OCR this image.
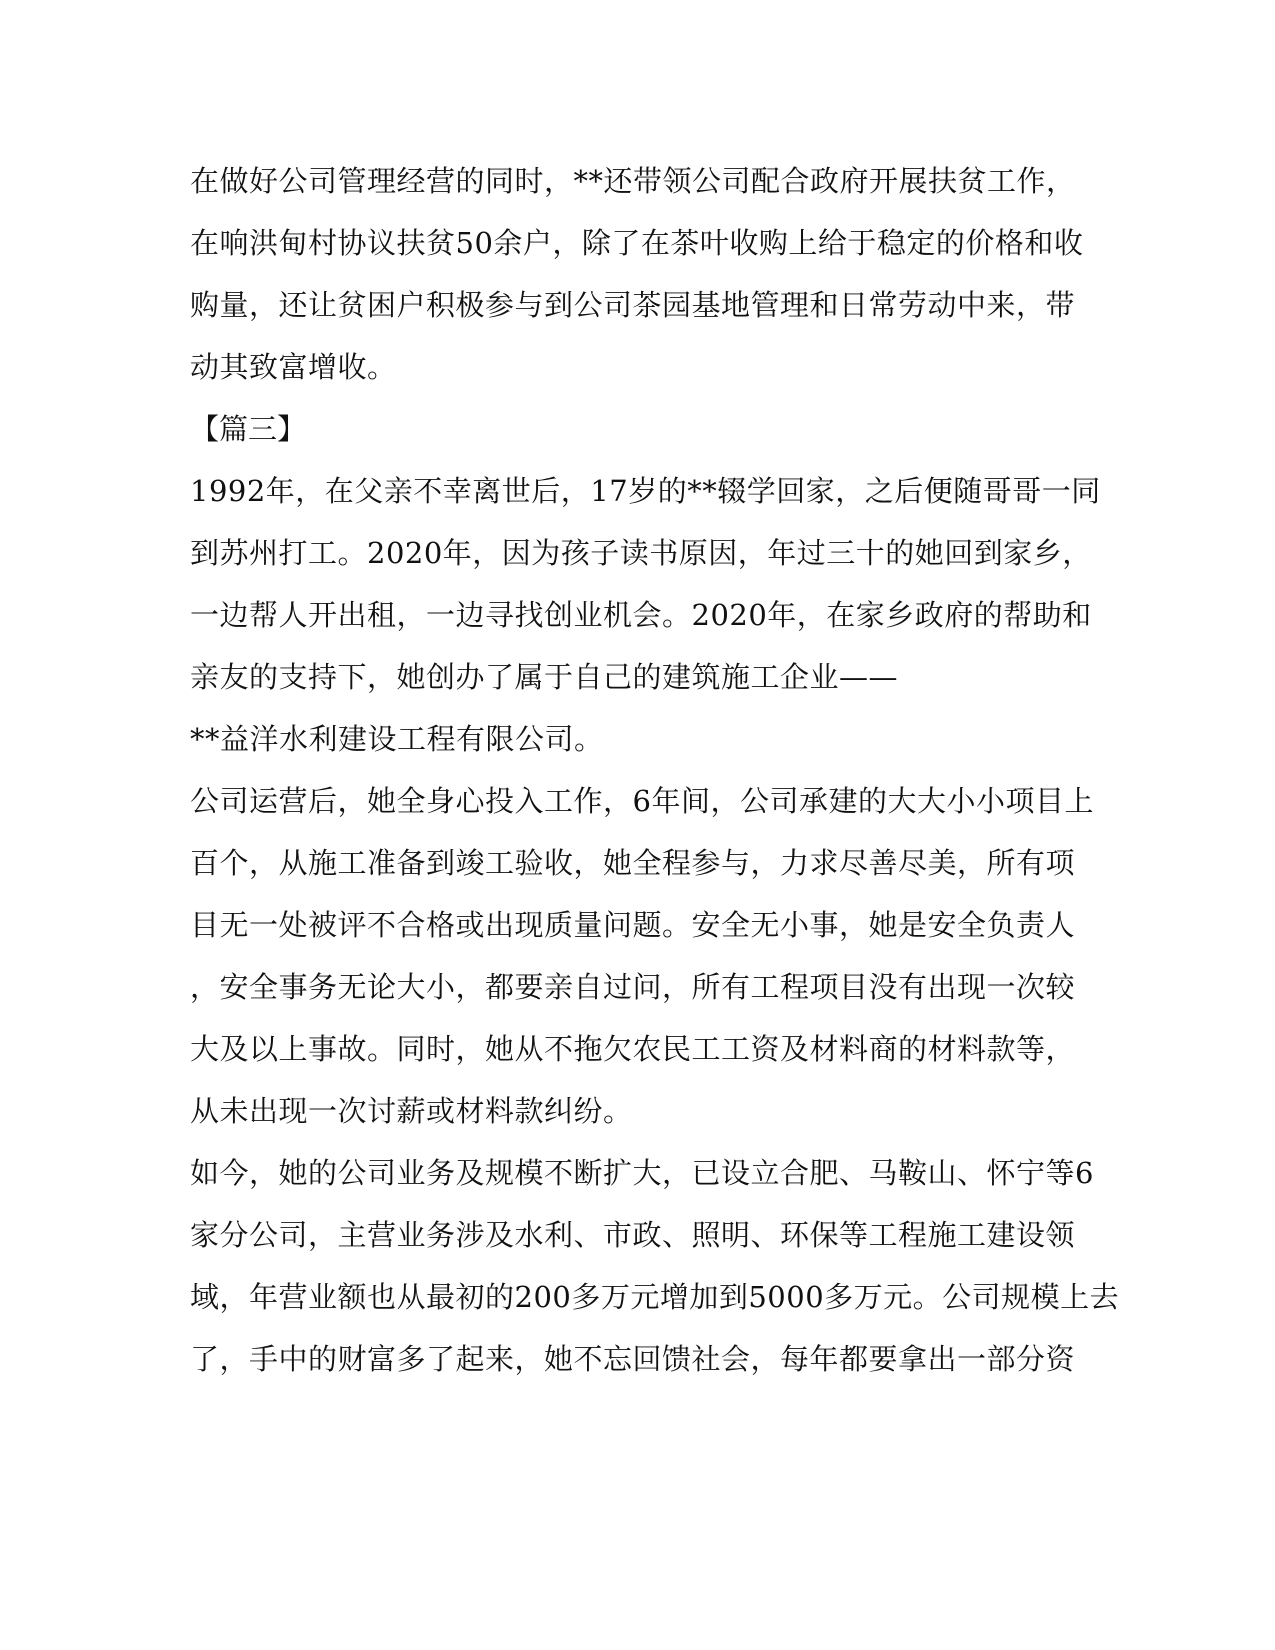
在做好公司管理经营的同时，**还带领公司配合政府开展扶贫工作，
在响洪甸村协议扶贫50余户，除了在茶叶收购上给于稳定的价格和收
购量，还让贫困户积极参与到公司茶园基地管理和日常劳动中来，带
动其致富增收。
【篇三】
1992年，在父亲不幸离世后，17岁的**辍学回家，之后便随哥哥一同
到苏州打工。2020年，因为孩子读书原因，年过三十的她回到家乡，
一边帮人开出租，一边寻找创业机会。2020年，在家乡政府的帮助和
亲友的支持下，她创办了属于自己的建筑施工企业——
**益洋水利建设工程有限公司。
公司运营后，她全身心投入工作，6年间，公司承建的大大小小项目上
百个，从施工准备到竣工验收，她全程参与，力求尽善尽美，所有项
目无一处被评不合格或出现质量问题。安全无小事，她是安全负责人
，安全事务无论大小，都要亲自过问，所有工程项目没有出现一次较
大及以上事故。同时，她从不拖欠农民工工资及材料商的材料款等，
从未出现一次讨薪或材料款纠纷。
如今，她的公司业务及规模不断扩大，已设立合肥、马鞍山、怀宁等6
家分公司，主营业务涉及水利、市政、照明、环保等工程施工建设领
域，年营业额也从最初的200多万元增加到5000多万元。公司规模上去
了，手中的财富多了起来，她不忘回馈社会，每年都要拿出一部分资
